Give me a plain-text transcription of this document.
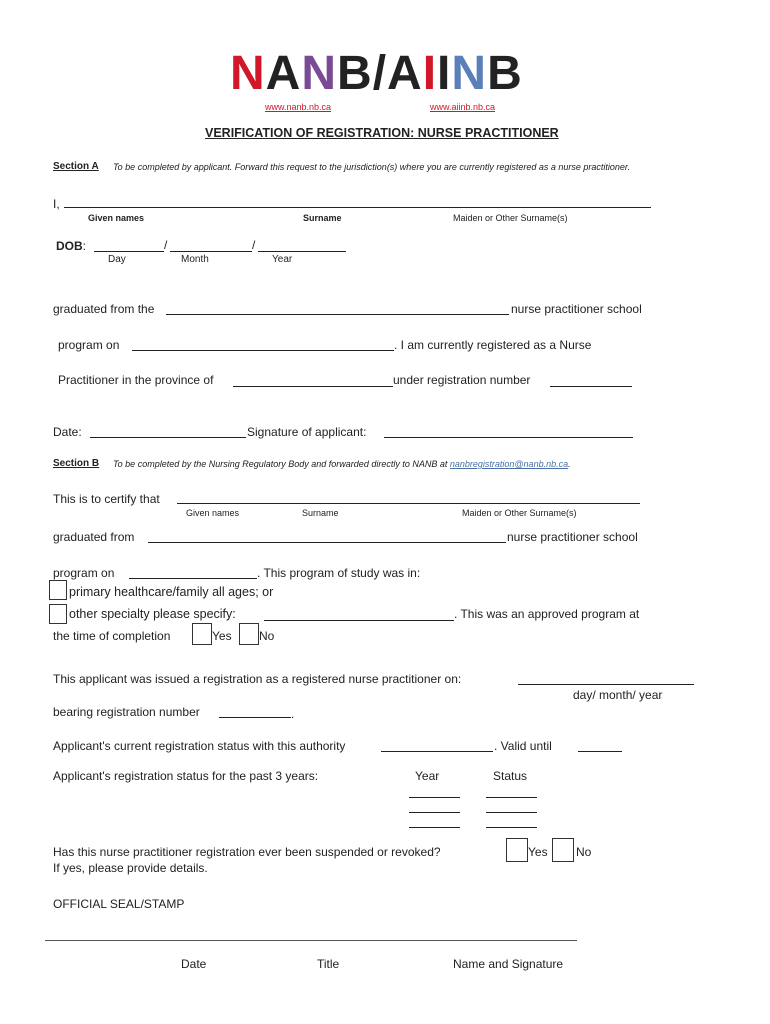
NANB/AIINB
www.nanb.nb.ca	www.aiinb.nb.ca
VERIFICATION OF REGISTRATION: NURSE PRACTITIONER
Section A To be completed by applicant. Forward this request to the jurisdiction(s) where you are currently registered as a nurse practitioner.
I,
Given names	Surname	Maiden or Other Surname(s)
DOB:	/	/
Day	Month	Year
graduated from the	nurse practitioner school
program on	. I am currently registered as a Nurse
Practitioner in the province of	under registration number
Date:	Signature of applicant:
Section B To be completed by the Nursing Regulatory Body and forwarded directly to NANB at nanbregistration@nanb.nb.ca.
This is to certify that
Given names	Surname	Maiden or Other Surname(s)
graduated from	nurse practitioner school
program on	. This program of study was in:
primary healthcare/family all ages; or
other specialty please specify:	. This was an approved program at
the time of completion	Yes No
This applicant was issued a registration as a registered nurse practitioner on:
day/ month/ year
bearing registration number	.
Applicant's current registration status with this authority	. Valid until
Applicant's registration status for the past 3 years:	Year	Status
Has this nurse practitioner registration ever been suspended or revoked?	Yes No
If yes, please provide details.
OFFICIAL SEAL/STAMP
Date	Title	Name and Signature
